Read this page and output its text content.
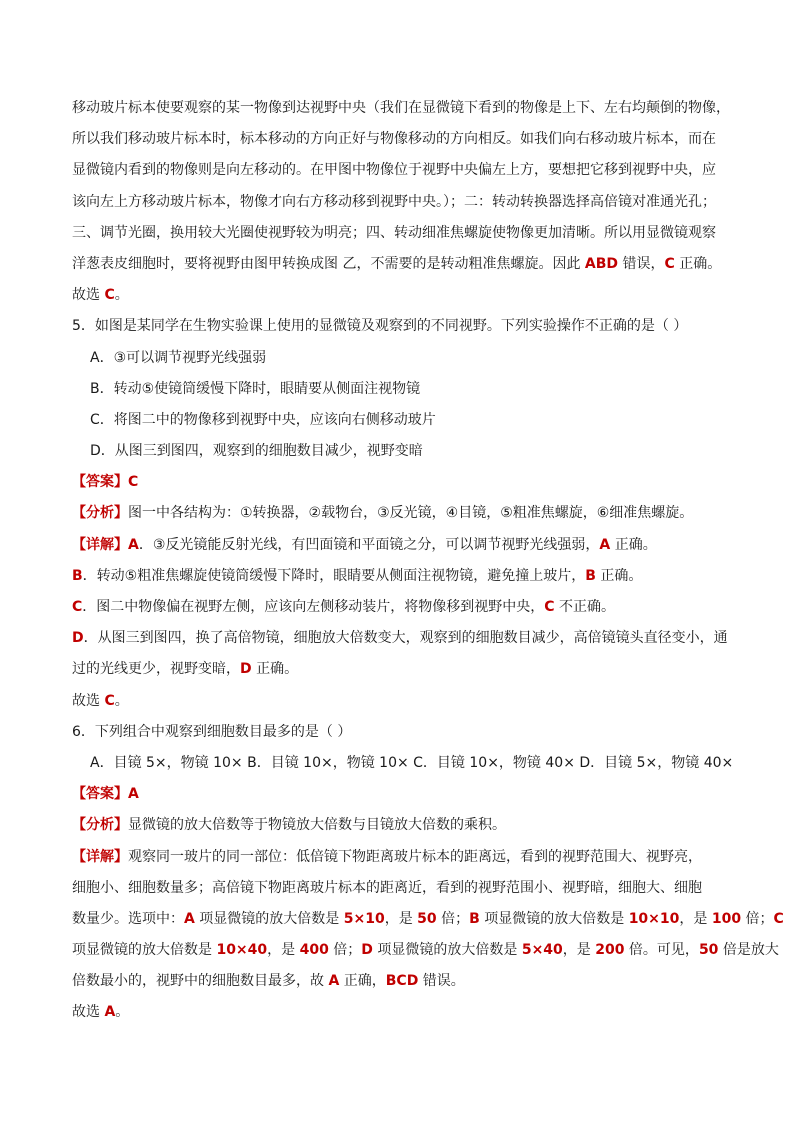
移动玻片标本使要观察的某一物像到达视野中央（我们在显微镜下看到的物像是上下、左右均颠倒的物像，
所以我们移动玻片标本时，标本移动的方向正好与物像移动的方向相反。如我们向右移动玻片标本，而在
显微镜内看到的物像则是向左移动的。在甲图中物像位于视野中央偏左上方，要想把它移到视野中央，应
该向左上方移动玻片标本，物像才向右方移动移到视野中央。）；二：转动转换器选择高倍镜对准通光孔；
三、调节光圈，换用较大光圈使视野较为明亮；四、转动细准焦螺旋使物像更加清晰。所以用显微镜观察
洋葱表皮细胞时，要将视野由图甲转换成图 乙，不需要的是转动粗准焦螺旋。因此 ABD 错误，C 正确。
故选 C。
5．如图是某同学在生物实验课上使用的显微镜及观察到的不同视野。下列实验操作不正确的是（ ）
A．③可以调节视野光线强弱
B．转动⑤使镜筒缓慢下降时，眼睛要从侧面注视物镜
C．将图二中的物像移到视野中央，应该向右侧移动玻片
D．从图三到图四，观察到的细胞数目减少，视野变暗
【答案】C
【分析】图一中各结构为：①转换器，②载物台，③反光镜，④目镜，⑤粗准焦螺旋，⑥细准焦螺旋。
【详解】A．③反光镜能反射光线，有凹面镜和平面镜之分，可以调节视野光线强弱，A 正确。
B．转动⑤粗准焦螺旋使镜筒缓慢下降时，眼睛要从侧面注视物镜，避免撞上玻片，B 正确。
C．图二中物像偏在视野左侧，应该向左侧移动装片，将物像移到视野中央，C 不正确。
D．从图三到图四，换了高倍物镜，细胞放大倍数变大，观察到的细胞数目减少，高倍镜镜头直径变小，通
过的光线更少，视野变暗，D 正确。
故选 C。
6．下列组合中观察到细胞数目最多的是（ ）
A．目镜 5×，物镜 10× B．目镜 10×，物镜 10× C．目镜 10×，物镜 40× D．目镜 5×，物镜 40×
【答案】A
【分析】显微镜的放大倍数等于物镜放大倍数与目镜放大倍数的乘积。
【详解】观察同一玻片的同一部位：低倍镜下物距离玻片标本的距离远，看到的视野范围大、视野亮，
细胞小、细胞数量多；高倍镜下物距离玻片标本的距离近，看到的视野范围小、视野暗，细胞大、细胞
数量少。选项中：A 项显微镜的放大倍数是 5×10，是 50 倍；B 项显微镜的放大倍数是 10×10，是 100 倍；C
项显微镜的放大倍数是 10×40，是 400 倍；D 项显微镜的放大倍数是 5×40，是 200 倍。可见，50 倍是放大
倍数最小的，视野中的细胞数目最多，故 A 正确，BCD 错误。
故选 A。
